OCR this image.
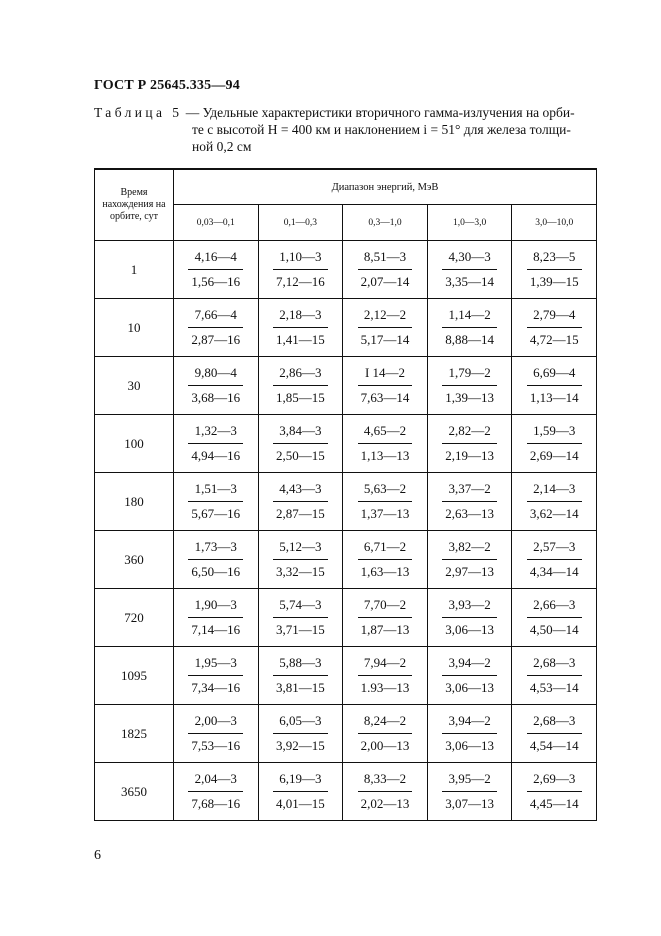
ГОСТ Р 25645.335—94
Таблица 5 — Удельные характеристики вторичного гамма-излучения на орби-
те с высотой H = 400 км и наклонением i = 51° для железа толщи-
ной 0,2 см
Время нахождения на орбите, сут	Диапазон энергий, МэВ				
	0,03—0,1	0,1—0,3	0,3—1,0	1,0—3,0	3,0—10,0
1	$\frac{4,16—4}{1,56—16}$	$\frac{1,10—3}{7,12—16}$	$\frac{8,51—3}{2,07—14}$	$\frac{4,30—3}{3,35—14}$	$\frac{8,23—5}{1,39—15}$

10	$\frac{7,66—4}{2,87—16}$	$\frac{2,18—3}{1,41—15}$	$\frac{2,12—2}{5,17—14}$	$\frac{1,14—2}{8,88—14}$	$\frac{2,79—4}{4,72—15}$

30	$\frac{9,80—4}{3,68—16}$	$\frac{2,86—3}{1,85—15}$	$\frac{I 14—2}{7,63—14}$	$\frac{1,79—2}{1,39—13}$	$\frac{6,69—4}{1,13—14}$

100	$\frac{1,32—3}{4,94—16}$	$\frac{3,84—3}{2,50—15}$	$\frac{4,65—2}{1,13—13}$	$\frac{2,82—2}{2,19—13}$	$\frac{1,59—3}{2,69—14}$

180	$\frac{1,51—3}{5,67—16}$	$\frac{4,43—3}{2,87—15}$	$\frac{5,63—2}{1,37—13}$	$\frac{3,37—2}{2,63—13}$	$\frac{2,14—3}{3,62—14}$

360	$\frac{1,73—3}{6,50—16}$	$\frac{5,12—3}{3,32—15}$	$\frac{6,71—2}{1,63—13}$	$\frac{3,82—2}{2,97—13}$	$\frac{2,57—3}{4,34—14}$

720	$\frac{1,90—3}{7,14—16}$	$\frac{5,74—3}{3,71—15}$	$\frac{7,70—2}{1,87—13}$	$\frac{3,93—2}{3,06—13}$	$\frac{2,66—3}{4,50—14}$

1095	$\frac{1,95—3}{7,34—16}$	$\frac{5,88—3}{3,81—15}$	$\frac{7,94—2}{1.93—13}$	$\frac{3,94—2}{3,06—13}$	$\frac{2,68—3}{4,53—14}$

1825	$\frac{2,00—3}{7,53—16}$	$\frac{6,05—3}{3,92—15}$	$\frac{8,24—2}{2,00—13}$	$\frac{3,94—2}{3,06—13}$	$\frac{2,68—3}{4,54—14}$

3650	$\frac{2,04—3}{7,68—16}$	$\frac{6,19—3}{4,01—15}$	$\frac{8,33—2}{2,02—13}$	$\frac{3,95—2}{3,07—13}$	$\frac{2,69—3}{4,45—14}$
6
